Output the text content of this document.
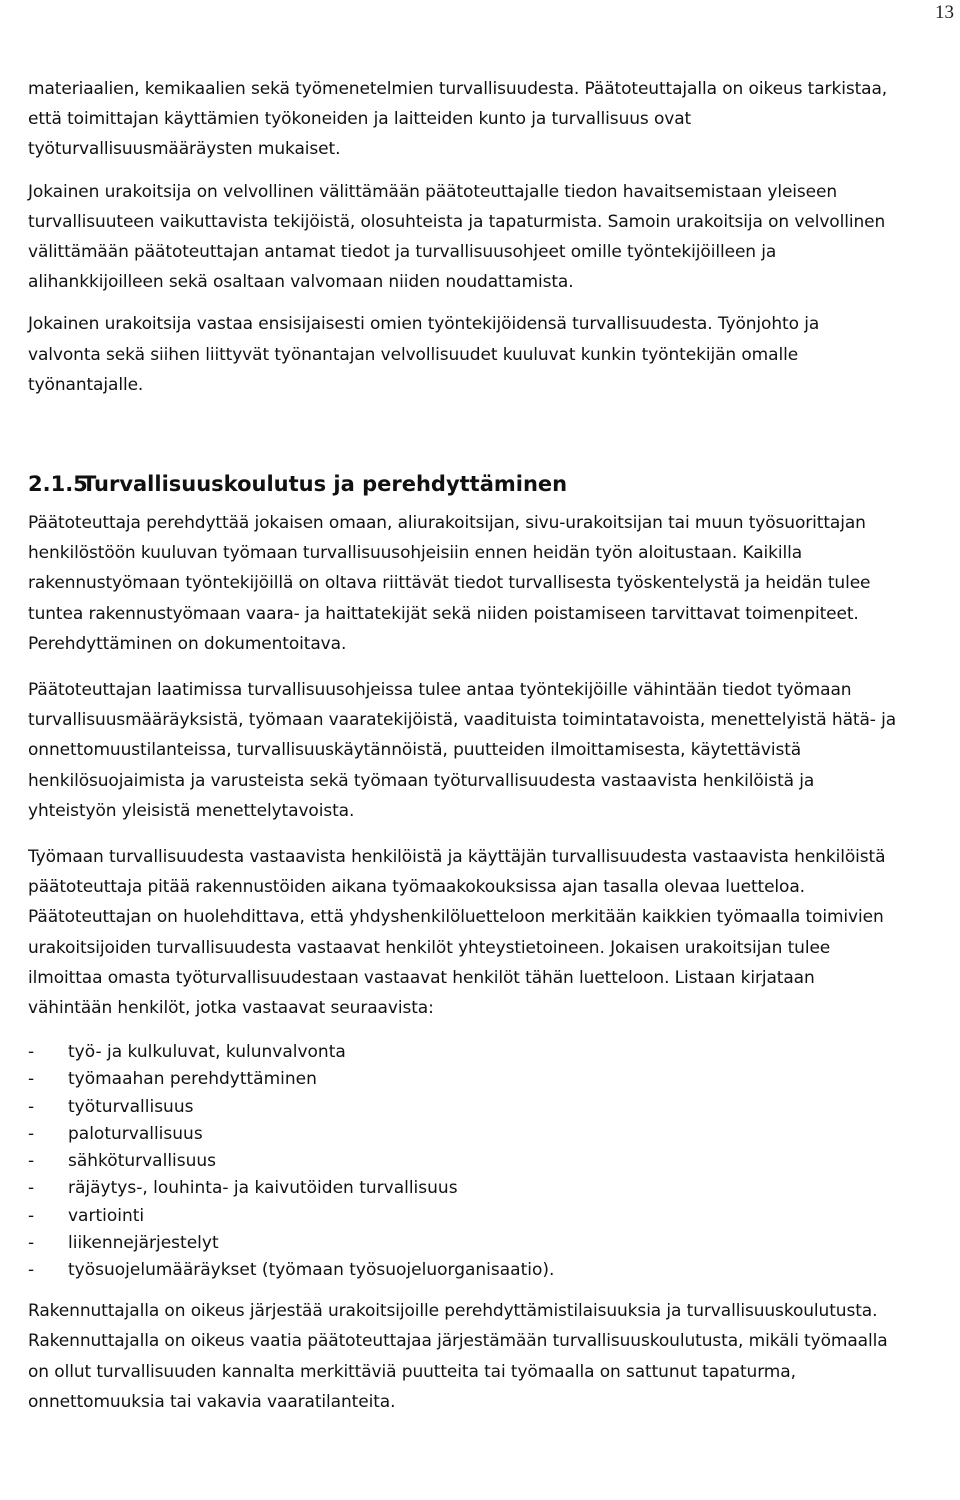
13

materiaalien, kemikaalien sekä työmenetelmien turvallisuudesta. Päätoteuttajalla on oikeus tarkistaa,

että toimittajan käyttämien työkoneiden ja laitteiden kunto ja turvallisuus ovat

työturvallisuusmääräysten mukaiset.

Jokainen urakoitsija on velvollinen välittämään päätoteuttajalle tiedon havaitsemistaan yleiseen

turvallisuuteen vaikuttavista tekijöistä, olosuhteista ja tapaturmista. Samoin urakoitsija on velvollinen

välittämään päätoteuttajan antamat tiedot ja turvallisuusohjeet omille työntekijöilleen ja

alihankkijoilleen sekä osaltaan valvomaan niiden noudattamista.

Jokainen urakoitsija vastaa ensisijaisesti omien työntekijöidensä turvallisuudesta. Työnjohto ja

valvonta sekä siihen liittyvät työnantajan velvollisuudet kuuluvat kunkin työntekijän omalle

työnantajalle.

2.1.5
Turvallisuuskoulutus ja perehdyttäminen

Päätoteuttaja perehdyttää jokaisen omaan, aliurakoitsijan, sivu-urakoitsijan tai muun työsuorittajan

henkilöstöön kuuluvan työmaan turvallisuusohjeisiin ennen heidän työn aloitustaan. Kaikilla

rakennustyömaan työntekijöillä on oltava riittävät tiedot turvallisesta työskentelystä ja heidän tulee

tuntea rakennustyömaan vaara- ja haittatekijät sekä niiden poistamiseen tarvittavat toimenpiteet.

Perehdyttäminen on dokumentoitava.

Päätoteuttajan laatimissa turvallisuusohjeissa tulee antaa työntekijöille vähintään tiedot työmaan

turvallisuusmääräyksistä, työmaan vaaratekijöistä, vaadituista toimintatavoista, menettelyistä hätä- ja

onnettomuustilanteissa, turvallisuuskäytännöistä, puutteiden ilmoittamisesta, käytettävistä

henkilösuojaimista ja varusteista sekä työmaan työturvallisuudesta vastaavista henkilöistä ja

yhteistyön yleisistä menettelytavoista.

Työmaan turvallisuudesta vastaavista henkilöistä ja käyttäjän turvallisuudesta vastaavista henkilöistä

päätoteuttaja pitää rakennustöiden aikana työmaakokouksissa ajan tasalla olevaa luetteloa.

Päätoteuttajan on huolehdittava, että yhdyshenkilöluetteloon merkitään kaikkien työmaalla toimivien

urakoitsijoiden turvallisuudesta vastaavat henkilöt yhteystietoineen. Jokaisen urakoitsijan tulee

ilmoittaa omasta työturvallisuudestaan vastaavat henkilöt tähän luetteloon. Listaan kirjataan

vähintään henkilöt, jotka vastaavat seuraavista:

-	työ- ja kulkuluvat, kulunvalvonta
-	työmaahan perehdyttäminen
-	työturvallisuus
-	paloturvallisuus
-	sähköturvallisuus
-	räjäytys-, louhinta- ja kaivutöiden turvallisuus
-	vartiointi
-	liikennejärjestelyt
-	työsuojelumääräykset (työmaan työsuojeluorganisaatio).

Rakennuttajalla on oikeus järjestää urakoitsijoille perehdyttämistilaisuuksia ja turvallisuuskoulutusta.

Rakennuttajalla on oikeus vaatia päätoteuttajaa järjestämään turvallisuuskoulutusta, mikäli työmaalla

on ollut turvallisuuden kannalta merkittäviä puutteita tai työmaalla on sattunut tapaturma,

onnettomuuksia tai vakavia vaaratilanteita.
